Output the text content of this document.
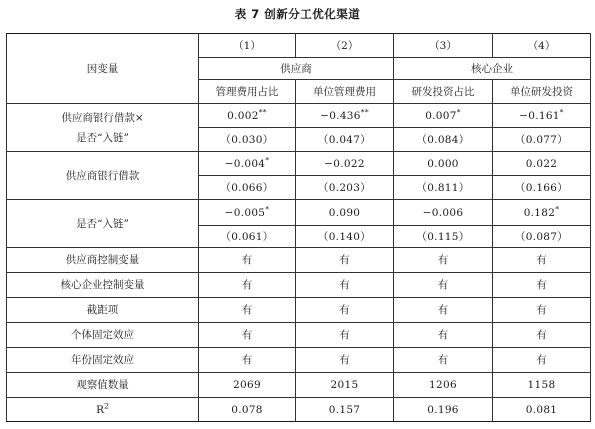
表 7 创新分工优化渠道
因变量	（1）	（2）	（3）	（4）
	供应商		核心企业	
	管理费用占比	单位管理费用	研发投资占比	单位研发投资

供应商银行借款×
是否“入链”	0.002**	−0.436**	0.007*	−0.161*
	（0.030）	（0.047）	（0.084）	（0.077）
供应商银行借款	−0.004*	−0.022	0.000	0.022
	（0.066）	（0.203）	（0.811）	（0.166）
是否“入链”	−0.005*	0.090	−0.006	0.182*
	（0.061）	（0.140）	（0.115）	（0.087）
供应商控制变量	有	有	有	有
核心企业控制变量	有	有	有	有
截距项	有	有	有	有
个体固定效应	有	有	有	有
年份固定效应	有	有	有	有
观察值数量	2069	2015	1206	1158
$R^2$	0.078	0.157	0.196	0.081
